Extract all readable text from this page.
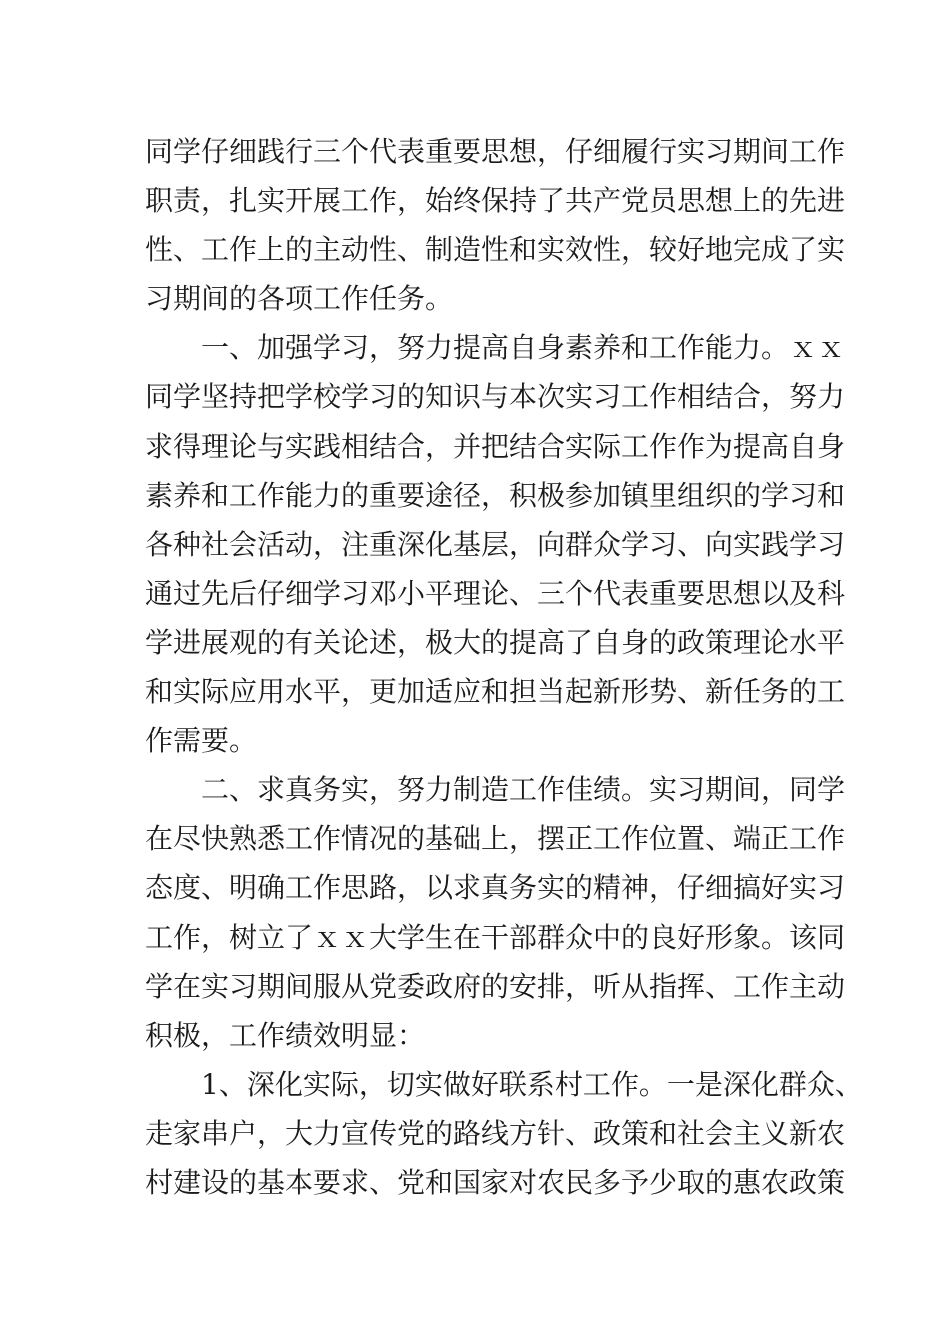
同学仔细践行三个代表重要思想，仔细履行实习期间工作
职责，扎实开展工作，始终保持了共产党员思想上的先进
性、工作上的主动性、制造性和实效性，较好地完成了实
习期间的各项工作任务。
　　一、加强学习，努力提高自身素养和工作能力。ｘｘ
同学坚持把学校学习的知识与本次实习工作相结合，努力
求得理论与实践相结合，并把结合实际工作作为提高自身
素养和工作能力的重要途径，积极参加镇里组织的学习和
各种社会活动，注重深化基层，向群众学习、向实践学习
通过先后仔细学习邓小平理论、三个代表重要思想以及科
学进展观的有关论述，极大的提高了自身的政策理论水平
和实际应用水平，更加适应和担当起新形势、新任务的工
作需要。
　　二、求真务实，努力制造工作佳绩。实习期间，同学
在尽快熟悉工作情况的基础上，摆正工作位置、端正工作
态度、明确工作思路，以求真务实的精神，仔细搞好实习
工作，树立了ｘｘ大学生在干部群众中的良好形象。该同
学在实习期间服从党委政府的安排，听从指挥、工作主动
积极，工作绩效明显：
　　1、深化实际，切实做好联系村工作。一是深化群众、
走家串户，大力宣传党的路线方针、政策和社会主义新农
村建设的基本要求、党和国家对农民多予少取的惠农政策
